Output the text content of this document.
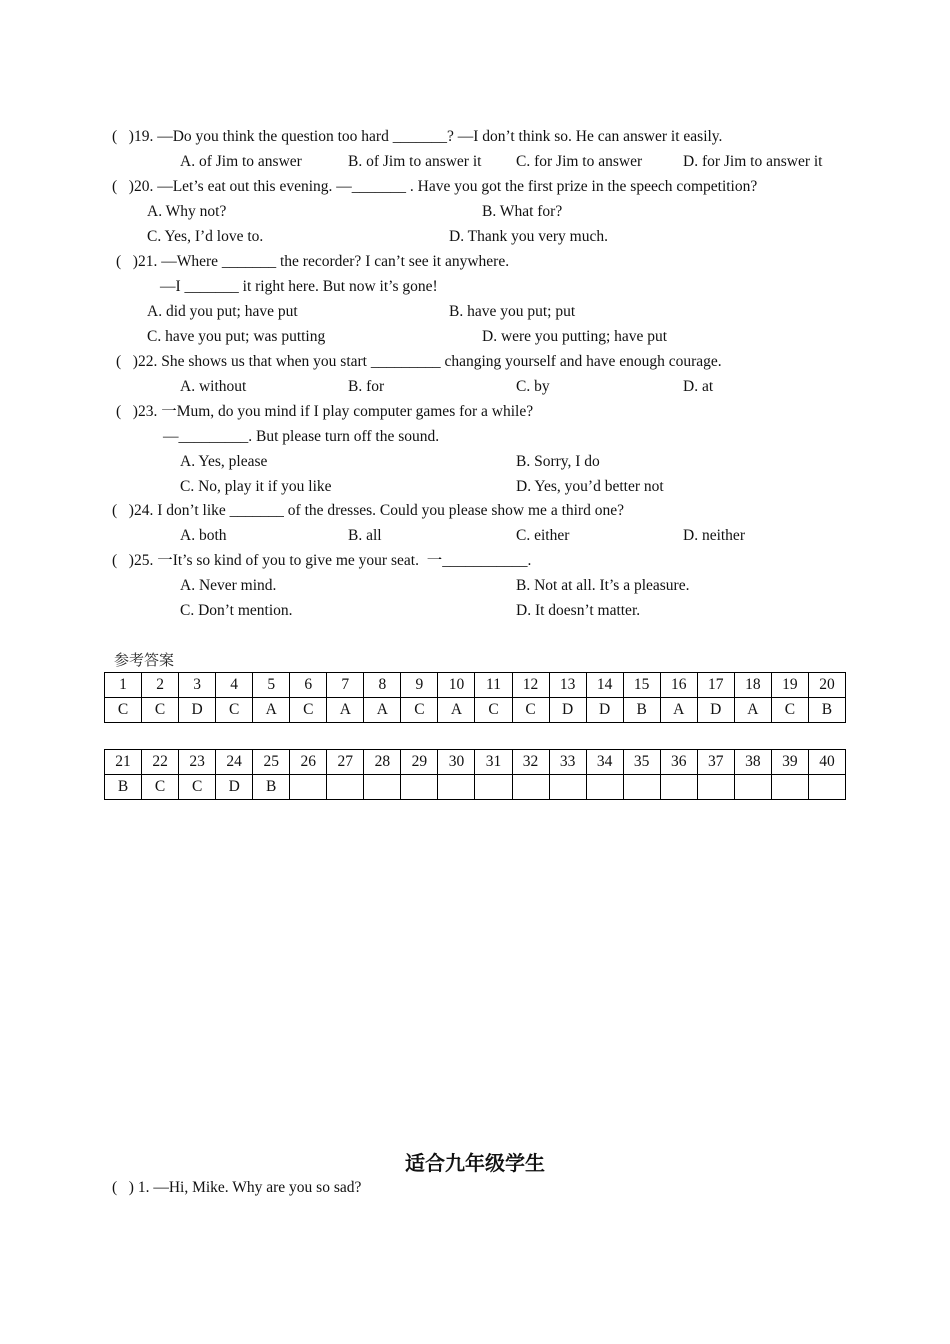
(   )19. —Do you think the question too hard _______? —I don’t think so. He can answer it easily.
A. of Jim to answer	B. of Jim to answer it C. for Jim to answer	D. for Jim to answer it
(   )20. —Let’s eat out this evening. —_______ . Have you got the first prize in the speech competition?
A. Why not?	B. What for?
C. Yes, I’d love to.	D. Thank you very much.
(   )21. —Where _______ the recorder? I can’t see it anywhere.
—I _______ it right here. But now it’s gone!
A. did you put; have put	B. have you put; put
C. have you put; was putting	D. were you putting; have put
(   )22. She shows us that when you start _________ changing yourself and have enough courage.
A. without	B. for	C. by	D. at
(   )23. 一Mum, do you mind if I play computer games for a while?
—_________. But please turn off the sound.
A. Yes, please	B. Sorry, I do
C. No, play it if you like	D. Yes, you’d better not
(   )24. I don’t like _______ of the dresses. Could you please show me a third one?
A. both	B. all	C. either	D. neither
(   )25. 一It’s so kind of you to give me your seat.  一___________.
A. Never mind.	B. Not at all. It’s a pleasure.
C. Don’t mention.	D. It doesn’t matter.
参考答案
1	2	3	4	5	6	7	8	9	10	11	12	13	14	15	16	17	18	19	20
C	C	D	C	A	C	A	A	C	A	C	C	D	D	B	A	D	A	C	B
21	22	23	24	25	26	27	28	29	30	31	32	33	34	35	36	37	38	39	40
B	C	C	D	B															
适合九年级学生
(   ) 1. —Hi, Mike. Why are you so sad?
